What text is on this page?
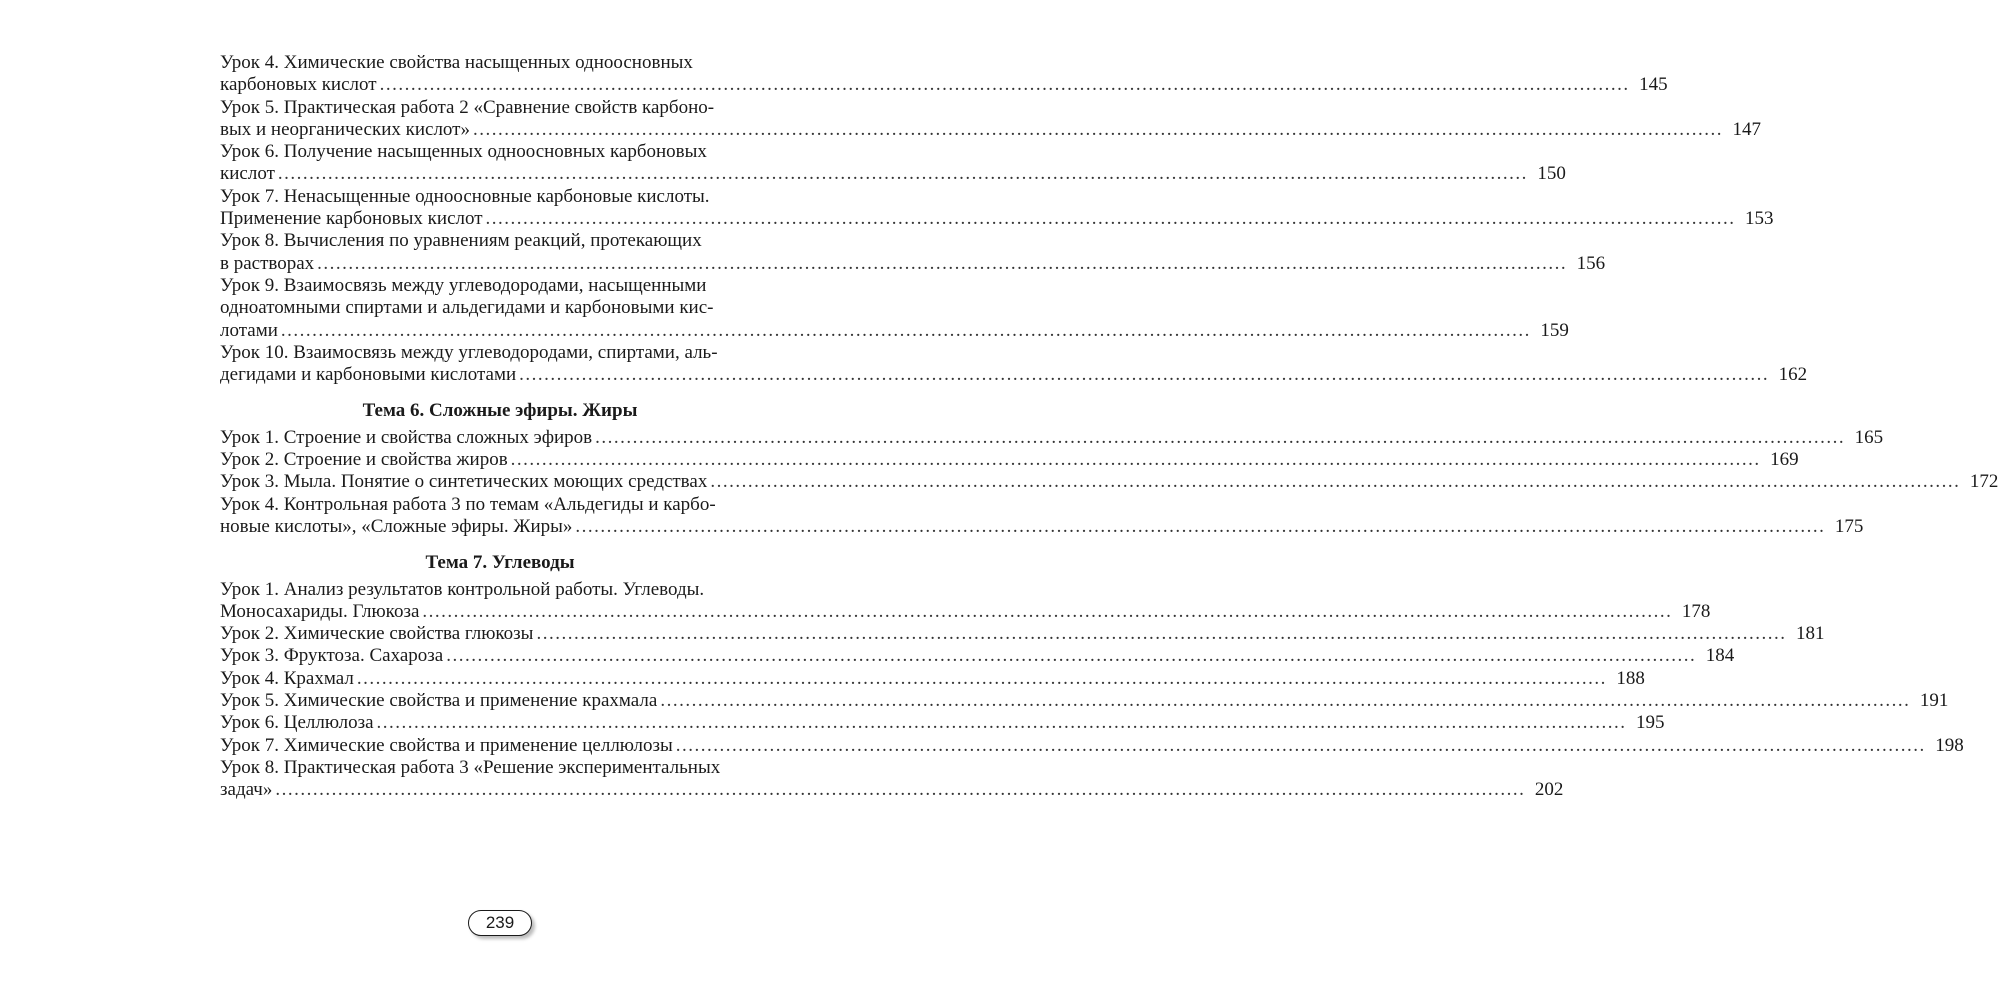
Урок 4. Химические свойства насыщенных одноосновных
карбоновых кислот ........................................................................................................................................................................................................ 145
Урок 5. Практическая работа 2 «Сравнение свойств карбоно-
вых и неорганических кислот» ........................................................................................................................................................................................................ 147
Урок 6. Получение насыщенных одноосновных карбоновых
кислот ........................................................................................................................................................................................................ 150
Урок 7. Ненасыщенные одноосновные карбоновые кислоты.
Применение карбоновых кислот ........................................................................................................................................................................................................ 153
Урок 8. Вычисления по уравнениям реакций, протекающих
в растворах ........................................................................................................................................................................................................ 156
Урок 9. Взаимосвязь между углеводородами, насыщенными
одноатомными спиртами и альдегидами и карбоновыми кис-
лотами ........................................................................................................................................................................................................ 159
Урок 10. Взаимосвязь между углеводородами, спиртами, аль-
дегидами и карбоновыми кислотами ........................................................................................................................................................................................................ 162
Тема 6. Сложные эфиры. Жиры
Урок 1. Строение и свойства сложных эфиров ........................................................................................................................................................................................................ 165
Урок 2. Строение и свойства жиров ........................................................................................................................................................................................................ 169
Урок 3. Мыла. Понятие о синтетических моющих средствах ........................................................................................................................................................................................................ 172
Урок 4. Контрольная работа 3 по темам «Альдегиды и карбо-
новые кислоты», «Сложные эфиры. Жиры» ........................................................................................................................................................................................................ 175
Тема 7. Углеводы
Урок 1. Анализ результатов контрольной работы. Углеводы.
Моносахариды. Глюкоза ........................................................................................................................................................................................................ 178
Урок 2. Химические свойства глюкозы ........................................................................................................................................................................................................ 181
Урок 3. Фруктоза. Сахароза ........................................................................................................................................................................................................ 184
Урок 4. Крахмал ........................................................................................................................................................................................................ 188
Урок 5. Химические свойства и применение крахмала ........................................................................................................................................................................................................ 191
Урок 6. Целлюлоза ........................................................................................................................................................................................................ 195
Урок 7. Химические свойства и применение целлюлозы ........................................................................................................................................................................................................ 198
Урок 8. Практическая работа 3 «Решение экспериментальных
задач» ........................................................................................................................................................................................................ 202
239
